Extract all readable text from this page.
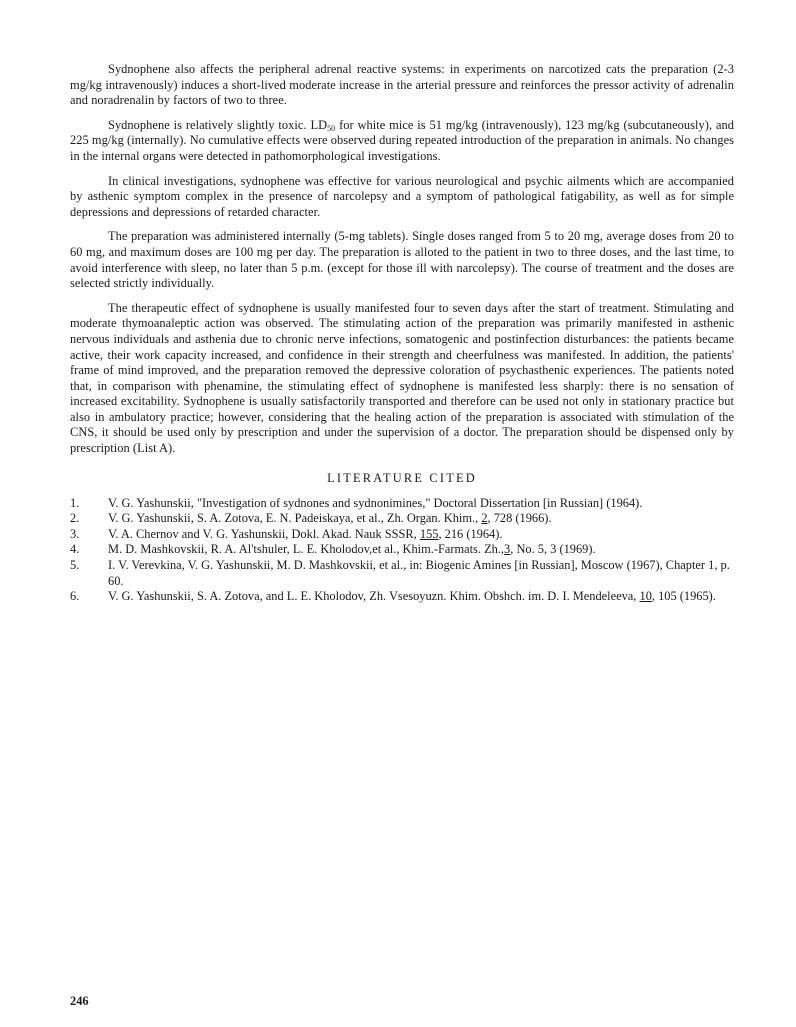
Sydnophene also affects the peripheral adrenal reactive systems: in experiments on narcotized cats the preparation (2-3 mg/kg intravenously) induces a short-lived moderate increase in the arterial pressure and reinforces the pressor activity of adrenalin and noradrenalin by factors of two to three.

Sydnophene is relatively slightly toxic. $LD_{50}$ for white mice is 51 mg/kg (intravenously), 123 mg/kg (subcutaneously), and 225 mg/kg (internally). No cumulative effects were observed during repeated introduction of the preparation in animals. No changes in the internal organs were detected in pathomorphological investigations.

In clinical investigations, sydnophene was effective for various neurological and psychic ailments which are accompanied by asthenic symptom complex in the presence of narcolepsy and a symptom of pathological fatigability, as well as for simple depressions and depressions of retarded character.

The preparation was administered internally (5-mg tablets). Single doses ranged from 5 to 20 mg, average doses from 20 to 60 mg, and maximum doses are 100 mg per day. The preparation is alloted to the patient in two to three doses, and the last time, to avoid interference with sleep, no later than 5 p.m. (except for those ill with narcolepsy). The course of treatment and the doses are selected strictly individually.

The therapeutic effect of sydnophene is usually manifested four to seven days after the start of treatment. Stimulating and moderate thymoanaleptic action was observed. The stimulating action of the preparation was primarily manifested in asthenic nervous individuals and asthenia due to chronic nerve infections, somatogenic and postinfection disturbances: the patients became active, their work capacity increased, and confidence in their strength and cheerfulness was manifested. In addition, the patients' frame of mind improved, and the preparation removed the depressive coloration of psychasthenic experiences. The patients noted that, in comparison with phenamine, the stimulating effect of sydnophene is manifested less sharply: there is no sensation of increased excitability. Sydnophene is usually satisfactorily transported and therefore can be used not only in stationary practice but also in ambulatory practice; however, considering that the healing action of the preparation is associated with stimulation of the CNS, it should be used only by prescription and under the supervision of a doctor. The preparation should be dispensed only by prescription (List A).

LITERATURE CITED
1.	V. G. Yashunskii, "Investigation of sydnones and sydnonimines," Doctoral Dissertation [in Russian] (1964).
2.	V. G. Yashunskii, S. A. Zotova, E. N. Padeiskaya, et al., Zh. Organ. Khim., 2, 728 (1966).
3.	V. A. Chernov and V. G. Yashunskii, Dokl. Akad. Nauk SSSR, 155, 216 (1964).
4.	M. D. Mashkovskii, R. A. Al'tshuler, L. E. Kholodov,et al., Khim.-Farmats. Zh.,3, No. 5, 3 (1969).
5.	I. V. Verevkina, V. G. Yashunskii, M. D. Mashkovskii, et al., in: Biogenic Amines [in Russian], Moscow (1967), Chapter 1, p. 60.
6.	V. G. Yashunskii, S. A. Zotova, and L. E. Kholodov, Zh. Vsesoyuzn. Khim. Obshch. im. D. I. Mendeleeva, 10, 105 (1965).
246
